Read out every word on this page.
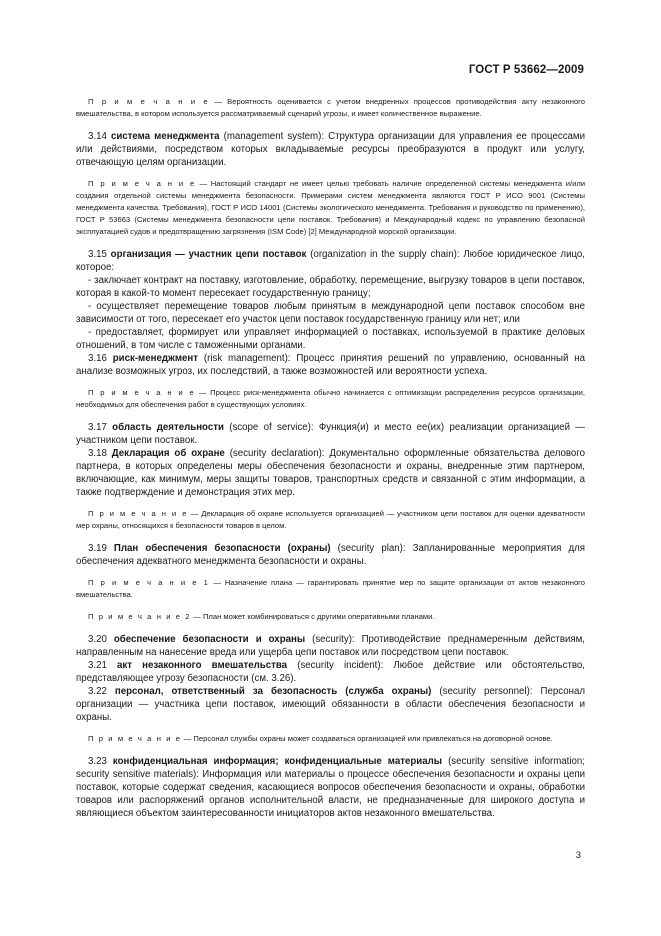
ГОСТ Р 53662—2009

П р и м е ч а н и е — Вероятность оценивается с учетом внедренных процессов противодействия акту незаконного вмешательства, в котором используется рассматриваемый сценарий угрозы, и имеет количественное выражение.

3.14 система менеджмента (management system): Структура организации для управления ее процессами или действиями, посредством которых вкладываемые ресурсы преобразуются в продукт или услугу, отвечающую целям организации.

П р и м е ч а н и е — Настоящий стандарт не имеет целью требовать наличие определенной системы менеджмента и/или создания отдельной системы менеджмента безопасности. Примерами систем менеджмента являются ГОСТ Р ИСО 9001 (Системы менеджмента качества. Требования), ГОСТ Р ИСО 14001 (Системы экологического менеджмента. Требования и руководство по применению), ГОСТ Р 53663 (Системы менеджмента безопасности цепи поставок. Требования) и Международный кодекс по управлению безопасной эксплуатацией судов и предотвращению загрязнения (ISM Code) [2] Международной морской организации.

3.15 организация — участник цепи поставок (organization in the supply chain): Любое юридическое лицо, которое:

- заключает контракт на поставку, изготовление, обработку, перемещение, выгрузку товаров в цепи поставок, которая в какой-то момент пересекает государственную границу;

- осуществляет перемещение товаров любым принятым в международной цепи поставок способом вне зависимости от того, пересекает его участок цепи поставок государственную границу или нет; или

- предоставляет, формирует или управляет информацией о поставках, используемой в практике деловых отношений, в том числе с таможенными органами.

3.16 риск-менеджмент (risk management): Процесс принятия решений по управлению, основанный на анализе возможных угроз, их последствий, а также возможностей или вероятности успеха.

П р и м е ч а н и е — Процесс риск-менеджмента обычно начинается с оптимизации распределения ресурсов организации, необходимых для обеспечения работ в существующих условиях.

3.17 область деятельности (scope of service): Функция(и) и место ее(их) реализации организацией — участником цепи поставок.

3.18 Декларация об охране (security declaration): Документально оформленные обязательства делового партнера, в которых определены меры обеспечения безопасности и охраны, внедренные этим партнером, включающие, как минимум, меры защиты товаров, транспортных средств и связанной с этим информации, а также подтверждение и демонстрация этих мер.

П р и м е ч а н и е — Декларация об охране используется организацией — участником цепи поставок для оценки адекватности мер охраны, относящихся к безопасности товаров в целом.

3.19 План обеспечения безопасности (охраны) (security plan): Запланированные мероприятия для обеспечения адекватного менеджмента безопасности и охраны.

П р и м е ч а н и е 1 — Назначение плана — гарантировать принятие мер по защите организации от актов незаконного вмешательства.

П р и м е ч а н и е 2 — План может комбинироваться с другими оперативными планами.

3.20 обеспечение безопасности и охраны (security): Противодействие преднамеренным действиям, направленным на нанесение вреда или ущерба цепи поставок или посредством цепи поставок.

3.21 акт незаконного вмешательства (security incident): Любое действие или обстоятельство, представляющее угрозу безопасности (см. 3.26).

3.22 персонал, ответственный за безопасность (служба охраны) (security personnel): Персонал организации — участника цепи поставок, имеющий обязанности в области обеспечения безопасности и охраны.

П р и м е ч а н и е — Персонал службы охраны может создаваться организацией или привлекаться на договорной основе.

3.23 конфиденциальная информация; конфиденциальные материалы (security sensitive information; security sensitive materials): Информация или материалы о процессе обеспечения безопасности и охраны цепи поставок, которые содержат сведения, касающиеся вопросов обеспечения безопасности и охраны, обработки товаров или распоряжений органов исполнительной власти, не предназначенные для широкого доступа и являющиеся объектом заинтересованности инициаторов актов незаконного вмешательства.

3
